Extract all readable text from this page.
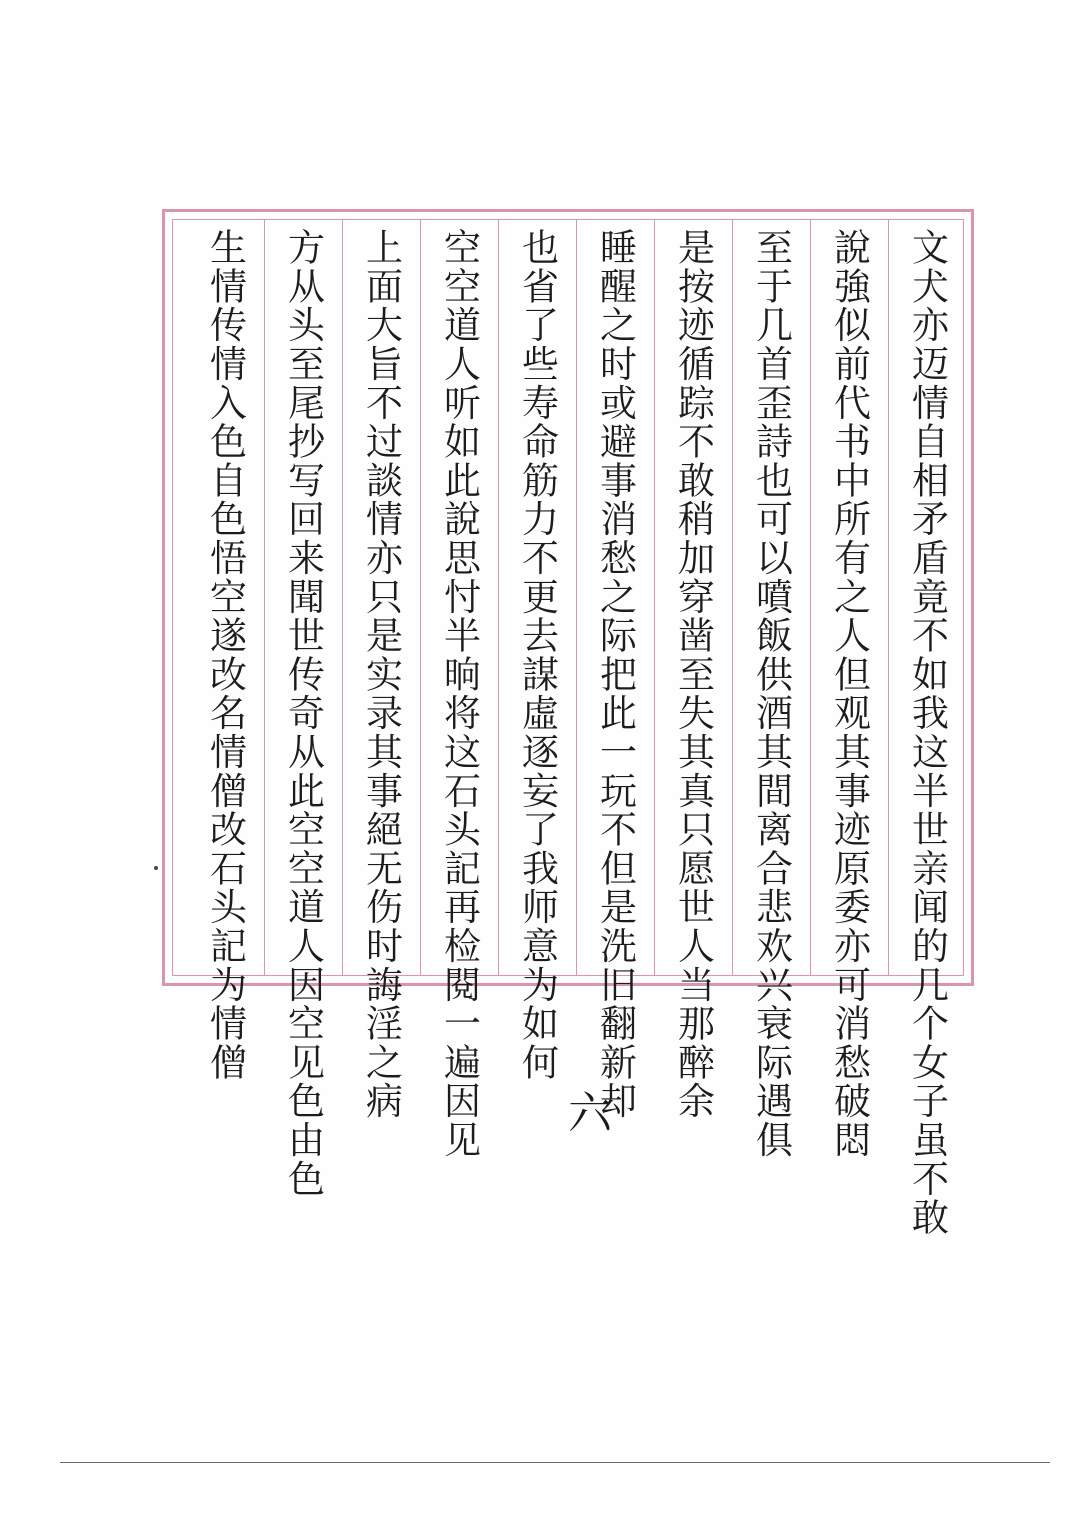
文犬亦迈情自相矛盾竟不如我这半世亲闻的几个女子虽不敢
說強似前代书中所有之人但观其事迹原委亦可消愁破悶
至于几首歪詩也可以噴飯供酒其間离合悲欢兴衰际遇俱
是按迹循踪不敢稍加穿凿至失其真只愿世人当那醉余
睡醒之时或避事消愁之际把此一玩不但是洗旧翻新却
也省了些寿命筋力不更去謀虛逐妄了我师意为如何
空空道人听如此說思忖半晌将这石头記再检閱一遍因见
上面大旨不过談情亦只是实录其事絕无伤时誨淫之病
方从头至尾抄写回来聞世传奇从此空空道人因空见色由色
生情传情入色自色悟空遂改名情僧改石头記为情僧
六
